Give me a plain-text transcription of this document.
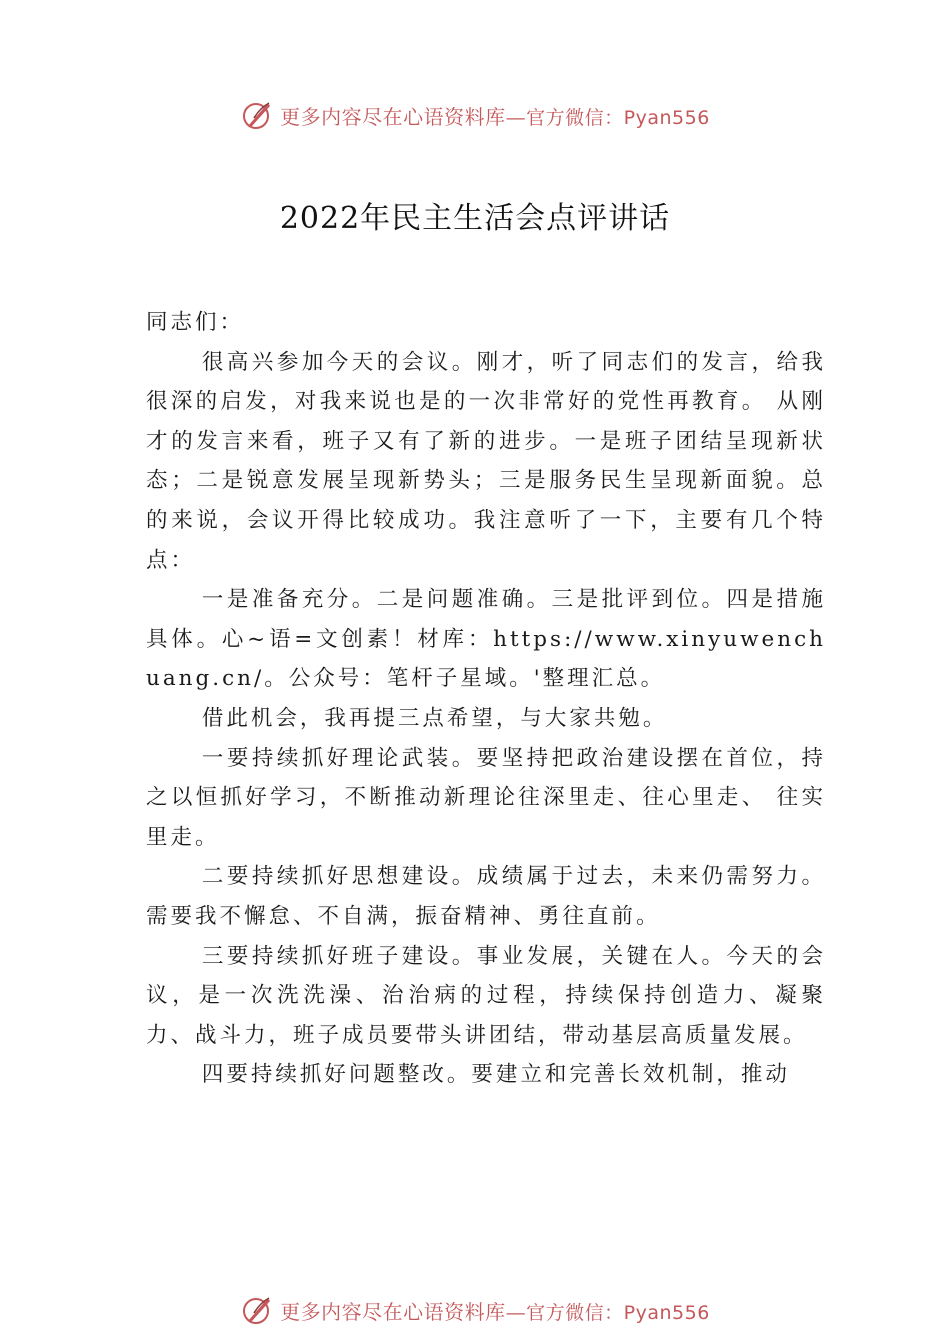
更多内容尽在心语资料库—官方微信：Pyan556
2022年民主生活会点评讲话

同志们：

很高兴参加今天的会议。刚才，听了同志们的发言，给我很深的启发，对我来说也是的一次非常好的党性再教育。 从刚才的发言来看，班子又有了新的进步。一是班子团结呈现新状态；二是锐意发展呈现新势头；三是服务民生呈现新面貌。总的来说，会议开得比较成功。我注意听了一下，主要有几个特点：

一是准备充分。二是问题准确。三是批评到位。四是措施具体。心~语=文创素！材库：https://www.xinyuwenchuang.cn/。公众号：笔杆子星域。'整理汇总。

借此机会，我再提三点希望，与大家共勉。

一要持续抓好理论武装。要坚持把政治建设摆在首位，持之以恒抓好学习，不断推动新理论往深里走、往心里走、 往实里走。

二要持续抓好思想建设。成绩属于过去，未来仍需努力。需要我不懈怠、不自满，振奋精神、勇往直前。

三要持续抓好班子建设。事业发展，关键在人。今天的会议，是一次洗洗澡、治治病的过程，持续保持创造力、凝聚力、战斗力，班子成员要带头讲团结，带动基层高质量发展。

四要持续抓好问题整改。要建立和完善长效机制，推动

更多内容尽在心语资料库—官方微信：Pyan556
